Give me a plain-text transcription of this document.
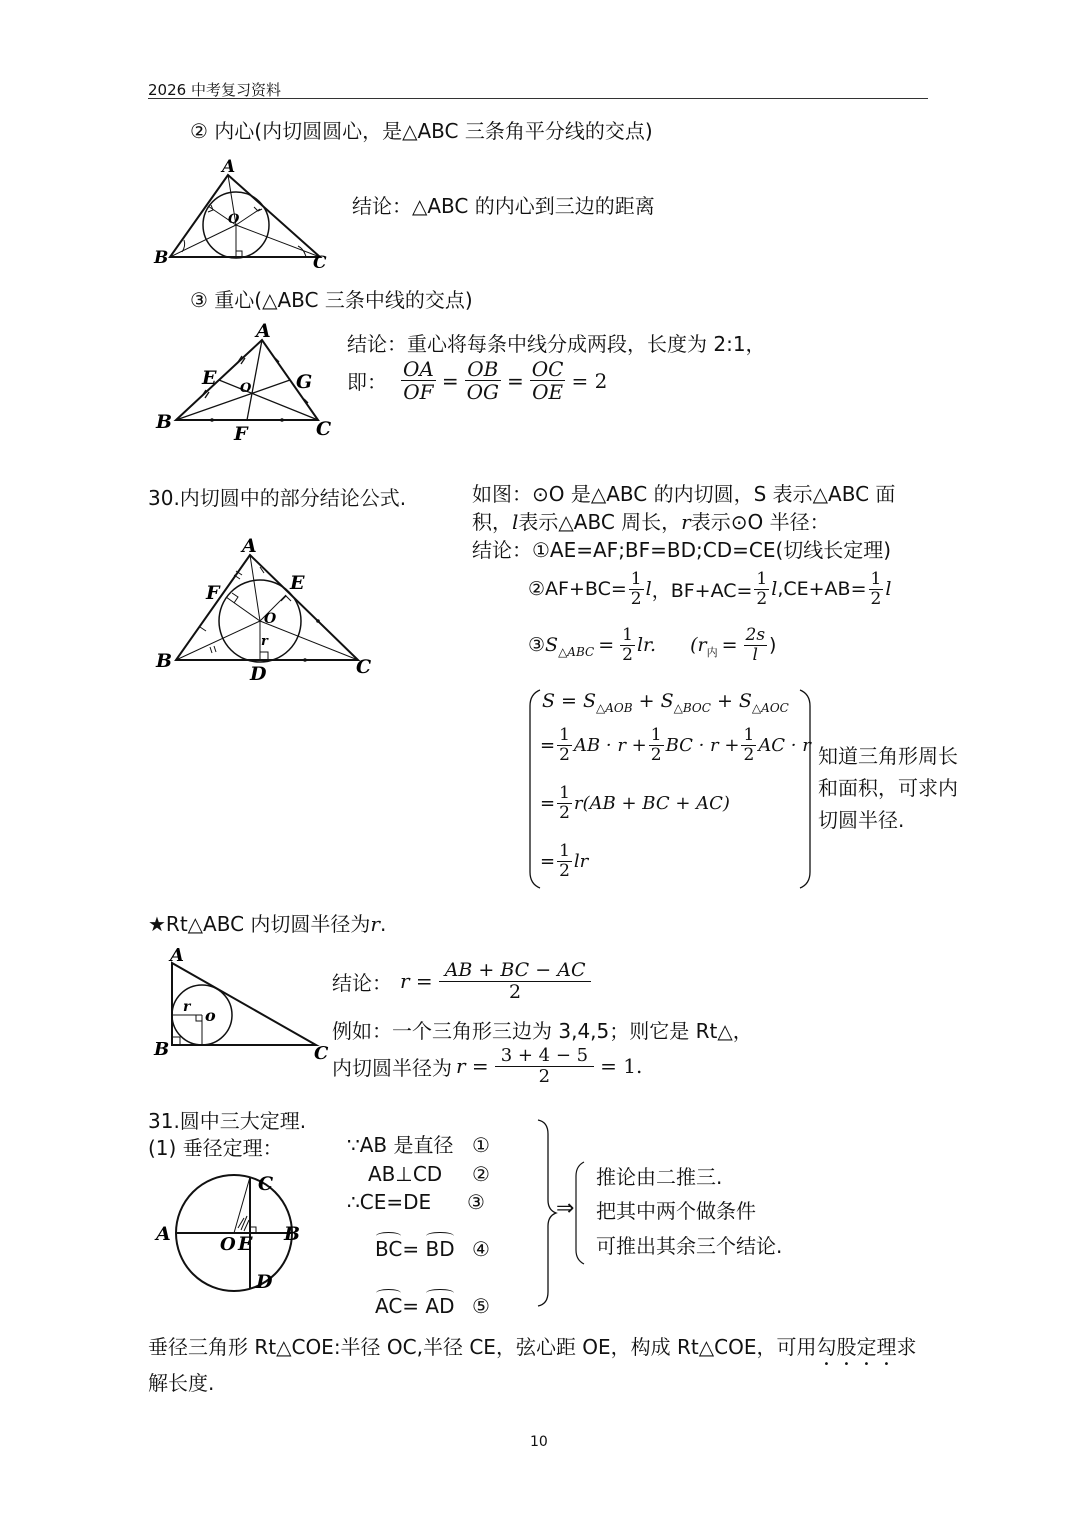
2026 中考复习资料
② 内心(内切圆圆心，是△ABC 三条角平分线的交点)
A
B	C
O
结论：△ABC 的内心到三边的距离
③ 重心(△ABC 三条中线的交点)
A
B	C
E
F
G
O
结论：重心将每条中线分成两段，长度为 2:1，
即： $\frac{OA}{OF} = \frac{OB}{OG} = \frac{OC}{OE} = 2$
30.内切圆中的部分结论公式.	如图：⊙O 是△ABC 的内切圆，S 表示△ABC 面
积，l表示△ABC 周长，r表示⊙O 半径：
结论：①AE=AF;BF=BD;CD=CE(切线长定理)
②AF+BC= $\frac{1}{2}$ l ，$BF+AC= \frac{1}{2}$ l $,CE+AB= \frac{1}{2}$ l
③ $S_{\triangle ABC} = \frac{1}{2}$ lr. ($r_内 = \frac{2s}{l}$ )
$S = S_{\triangle AOB} + S_{\triangle BOC} + S_{\triangle AOC}$
= $\frac{1}{2}$ AB · $r + \frac{1}{2}$ BC · $r + \frac{1}{2}$ AC · r
= $\frac{1}{2} r(AB$ + BC + AC)
= $\frac{1}{2}$ lr
知道三角形周长
和面积，可求内
切圆半径.
A
B	C
D
E
F
O
r
★Rt△ABC 内切圆半径为r.
A
B	C
o
r
结论： $r = \frac{AB + BC - AC}{2}$
例如：一个三角形三边为 3,4,5；则它是 Rt△，
内切圆半径为 $r = \frac{3 + 4 - 5}{2} = 1$.
31.圆中三大定理.
(1) 垂径定理：
A	B
C
D
E
O
∵AB 是直径 ①
AB⊥CD ②
∴CE=DE ③
BC= BD ④
AC= AD ⑤
⇒
推论由二推三.
把其中两个做条件
可推出其余三个结论.
垂径三角形 Rt△COE:半径 OC,半径 CE，弦心距 OE，构成 Rt△COE，可用勾股定理求
解长度.
10
